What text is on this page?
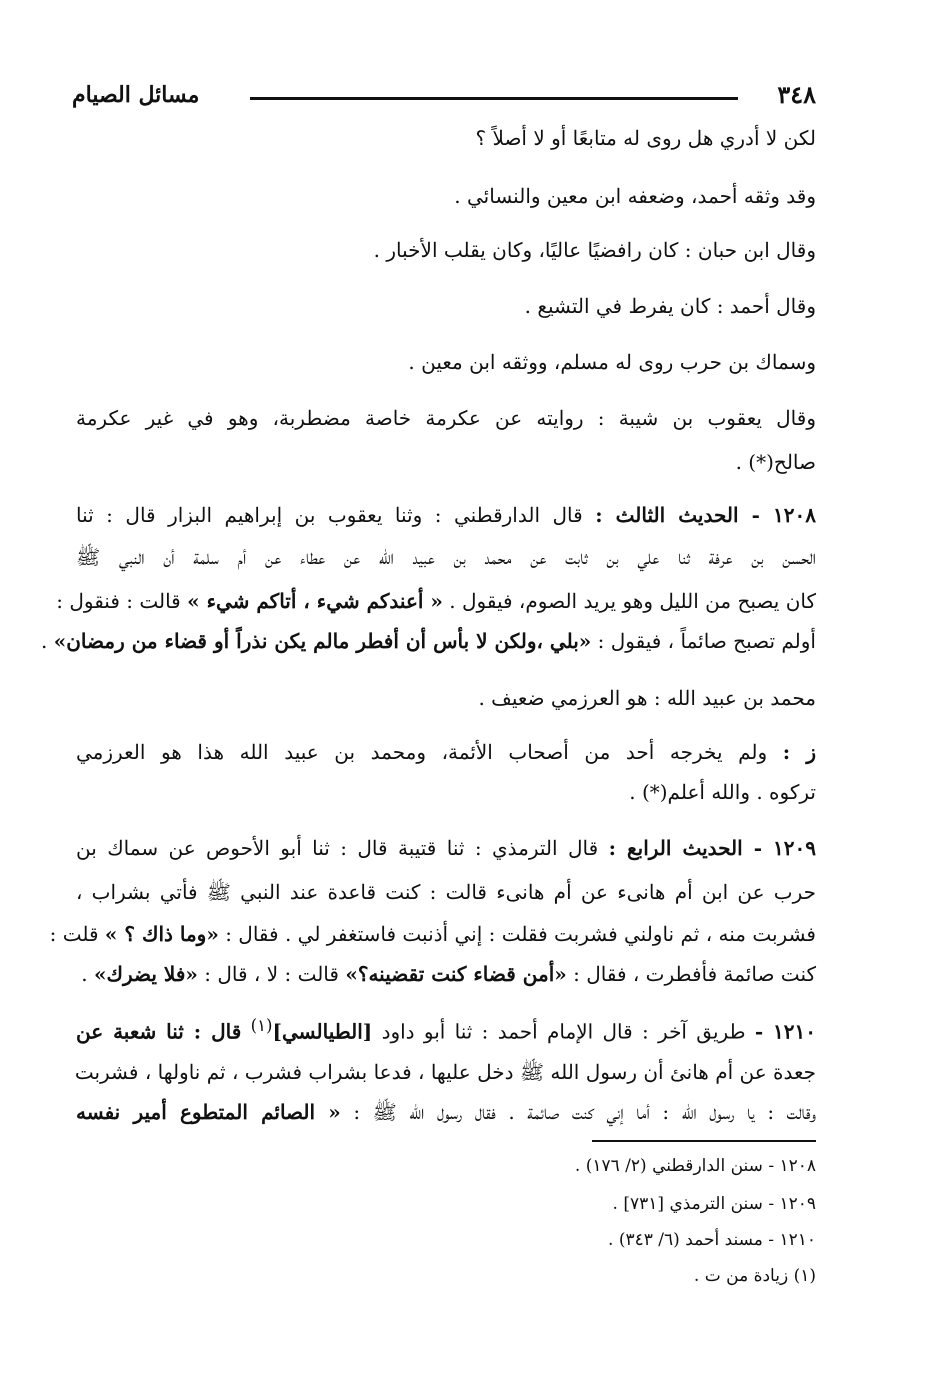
٣٤٨
مسائل الصيام
لكن لا أدري هل روى له متابعًا أو لا أصلاً ؟
وقد وثقه أحمد، وضعفه ابن معين والنسائي .
وقال ابن حبان : كان رافضيًا عاليًا، وكان يقلب الأخبار .
وقال أحمد : كان يفرط في التشيع .
وسماك بن حرب روى له مسلم، ووثقه ابن معين .
وقال يعقوب بن شيبة : روايته عن عكرمة خاصة مضطربة، وهو في غير عكرمة
صالح(*) .
١٢٠٨ - الحديث الثالث : قال الدارقطني : وثنا يعقوب بن إبراهيم البزار قال : ثنا
الحسن بن عرفة ثنا علي بن ثابت عن محمد بن عبيد الله عن عطاء عن أم سلمة أن النبي ﷺ
كان يصبح من الليل وهو يريد الصوم، فيقول . « أعندكم شيء ، أتاكم شيء » قالت : فنقول :
أولم تصبح صائماً ، فيقول : «بلي ،ولكن لا بأس أن أفطر مالم يكن نذراً أو قضاء من رمضان» .
محمد بن عبيد الله : هو العرزمي ضعيف .
ز : ولم يخرجه أحد من أصحاب الأئمة، ومحمد بن عبيد الله هذا هو العرزمي
تركوه . والله أعلم(*) .
١٢٠٩ - الحديث الرابع : قال الترمذي : ثنا قتيبة قال : ثنا أبو الأحوص عن سماك بن
حرب عن ابن أم هانىء عن أم هانىء قالت : كنت قاعدة عند النبي ﷺ فأتي بشراب ،
فشربت منه ، ثم ناولني فشربت فقلت : إني أذنبت فاستغفر لي . فقال : «وما ذاك ؟ » قلت :
كنت صائمة فأفطرت ، فقال : «أمن قضاء كنت تقضينه؟» قالت : لا ، قال : «فلا يضرك» .
١٢١٠ - طريق آخر : قال الإمام أحمد : ثنا أبو داود [الطيالسي]$^{(١)}$ قال : ثنا شعبة عن
جعدة عن أم هانئ أن رسول الله ﷺ دخل عليها ، فدعا بشراب فشرب ، ثم ناولها ، فشربت
وقالت : يا رسول الله : أما إني كنت صائمة . فقال رسول الله ﷺ : « الصائم المتطوع أمير نفسه
١٢٠٨ - سنن الدارقطني (٢/ ١٧٦) .
١٢٠٩ - سنن الترمذي [٧٣١] .
١٢١٠ - مسند أحمد (٦/ ٣٤٣) .
(١) زيادة من ت .
